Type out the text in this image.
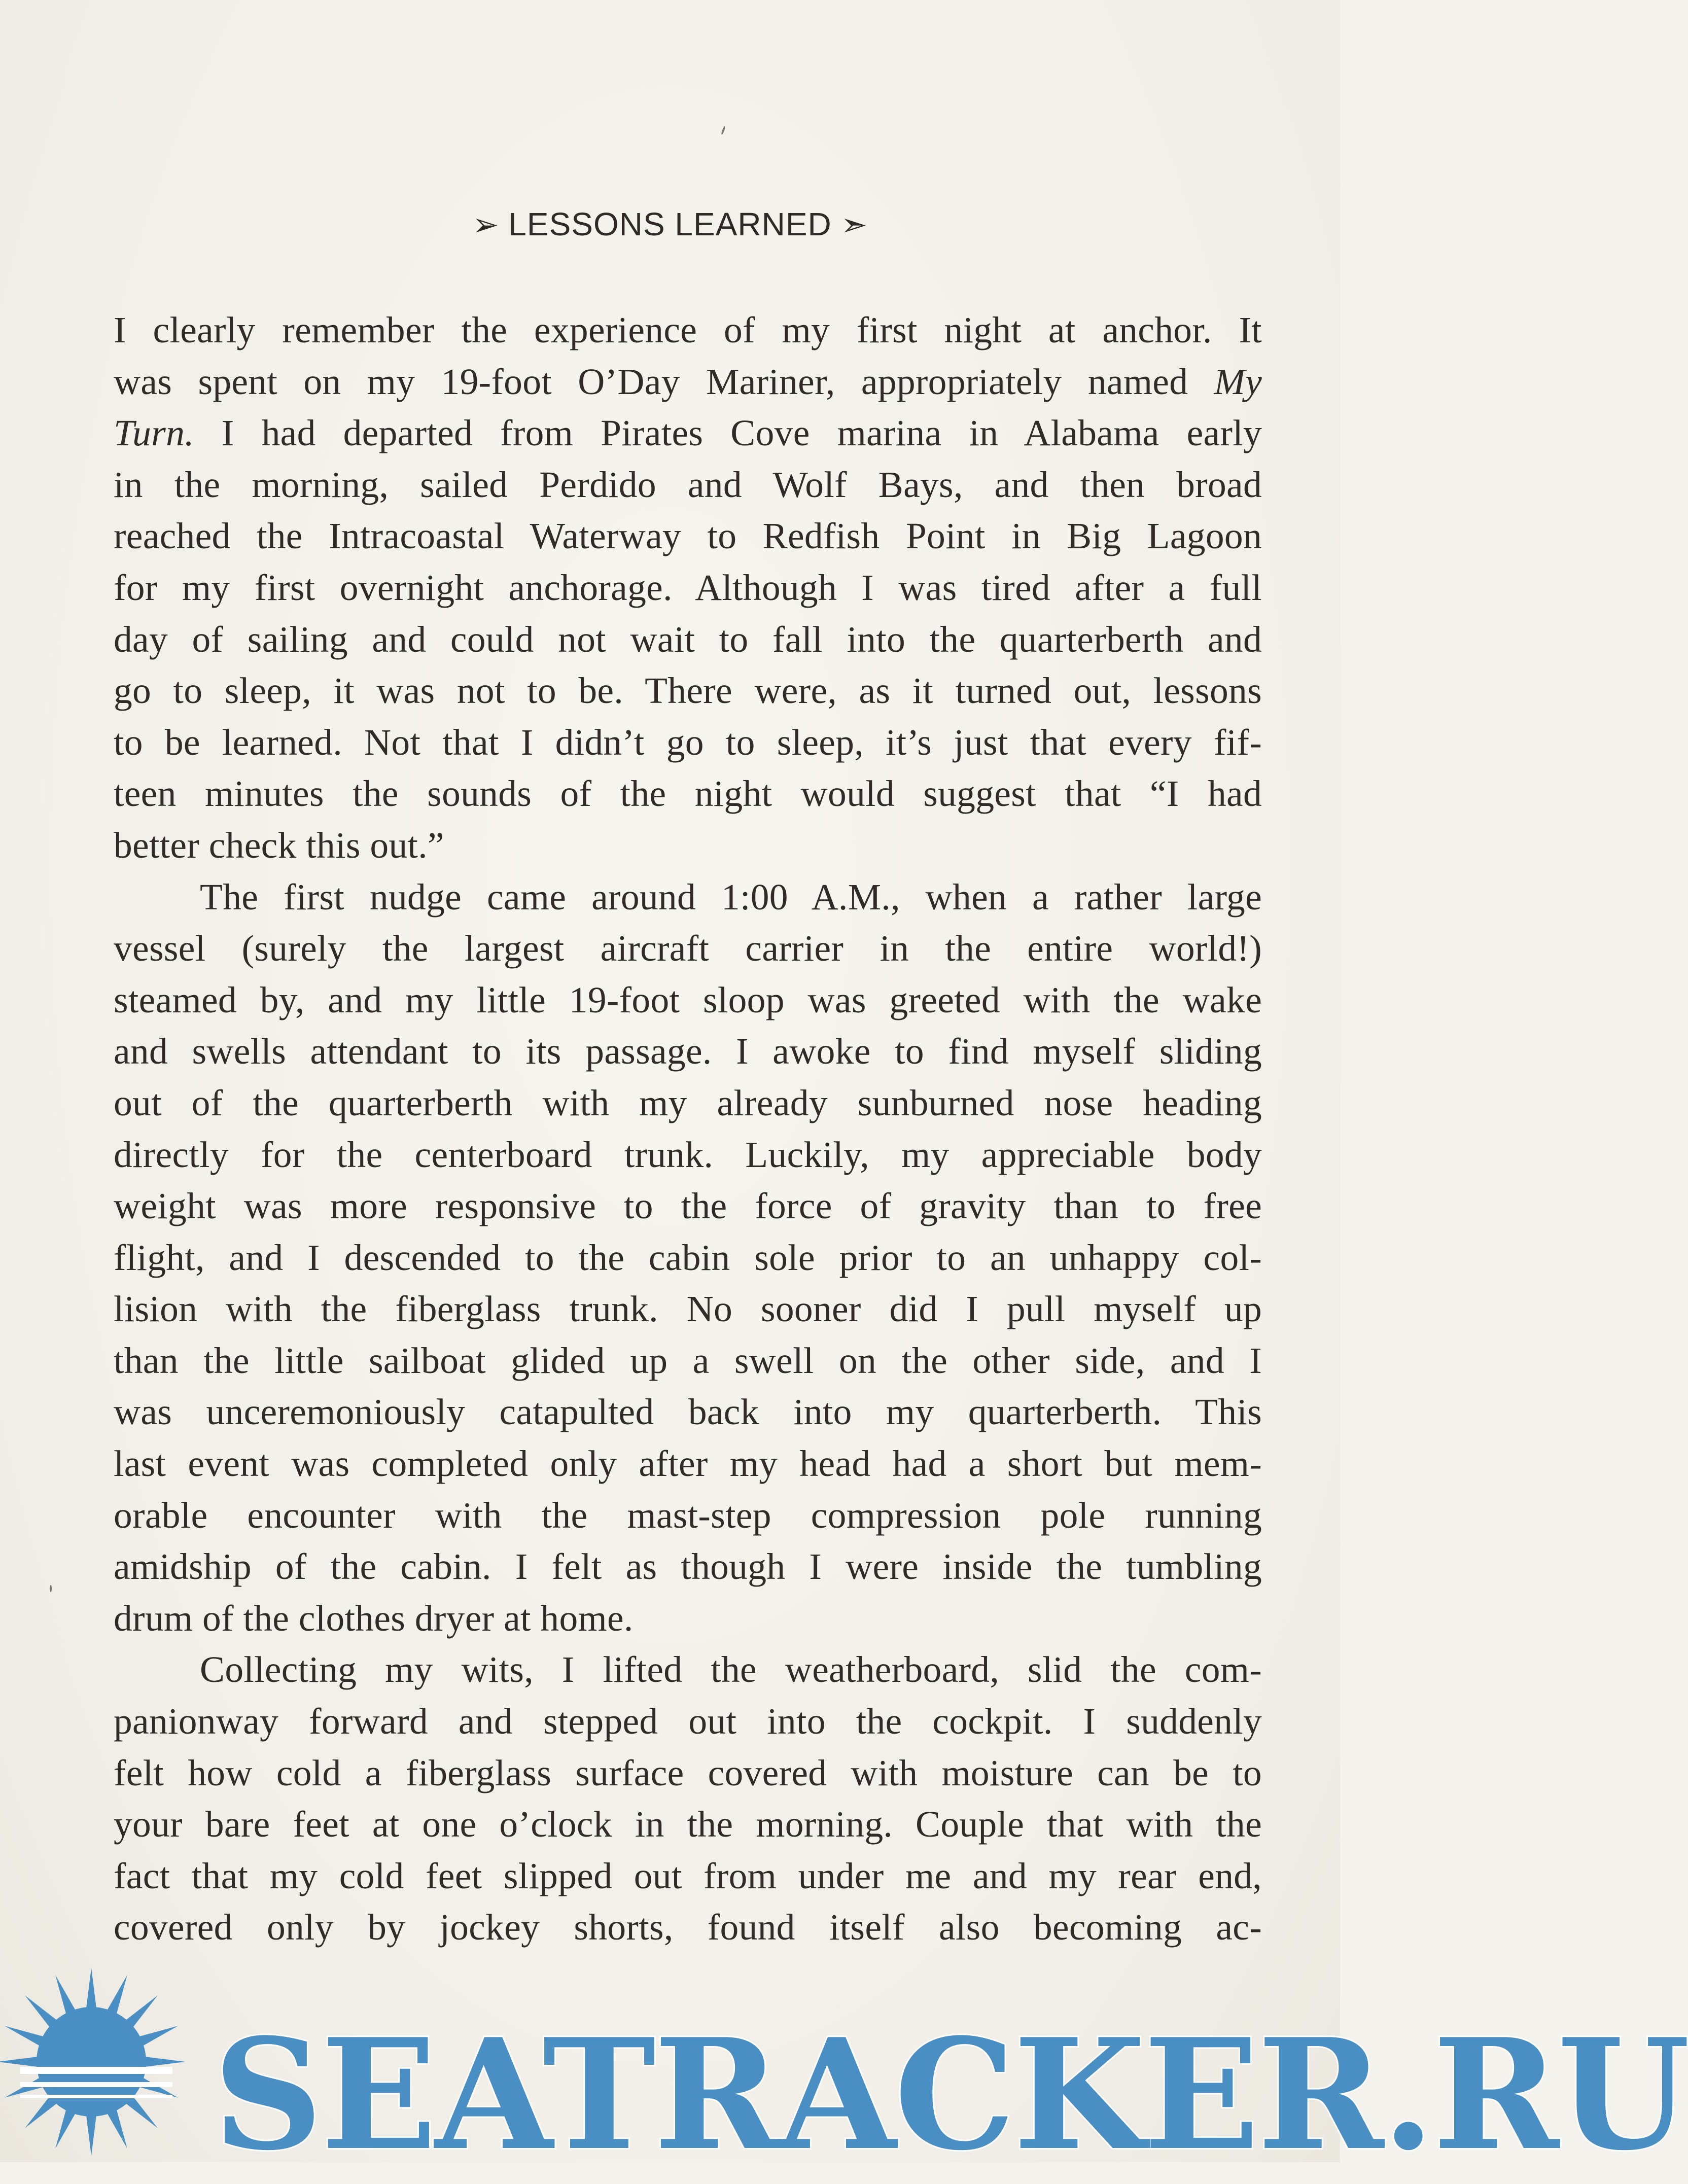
➢ LESSONS LEARNED ➣
I clearly remember the experience of my first night at anchor. It
was spent on my 19-foot O’Day Mariner, appropriately named My
Turn. I had departed from Pirates Cove marina in Alabama early
in the morning, sailed Perdido and Wolf Bays, and then broad
reached the Intracoastal Waterway to Redfish Point in Big Lagoon
for my first overnight anchorage. Although I was tired after a full
day of sailing and could not wait to fall into the quarterberth and
go to sleep, it was not to be. There were, as it turned out, lessons
to be learned. Not that I didn’t go to sleep, it’s just that every fif-
teen minutes the sounds of the night would suggest that “I had
better check this out.”
The first nudge came around 1:00 A.M., when a rather large
vessel (surely the largest aircraft carrier in the entire world!)
steamed by, and my little 19-foot sloop was greeted with the wake
and swells attendant to its passage. I awoke to find myself sliding
out of the quarterberth with my already sunburned nose heading
directly for the centerboard trunk. Luckily, my appreciable body
weight was more responsive to the force of gravity than to free
flight, and I descended to the cabin sole prior to an unhappy col-
lision with the fiberglass trunk. No sooner did I pull myself up
than the little sailboat glided up a swell on the other side, and I
was unceremoniously catapulted back into my quarterberth. This
last event was completed only after my head had a short but mem-
orable encounter with the mast-step compression pole running
amidship of the cabin. I felt as though I were inside the tumbling
drum of the clothes dryer at home.
Collecting my wits, I lifted the weatherboard, slid the com-
panionway forward and stepped out into the cockpit. I suddenly
felt how cold a fiberglass surface covered with moisture can be to
your bare feet at one o’clock in the morning. Couple that with the
fact that my cold feet slipped out from under me and my rear end,
covered only by jockey shorts, found itself also becoming ac-
SEATRACKER.RU
